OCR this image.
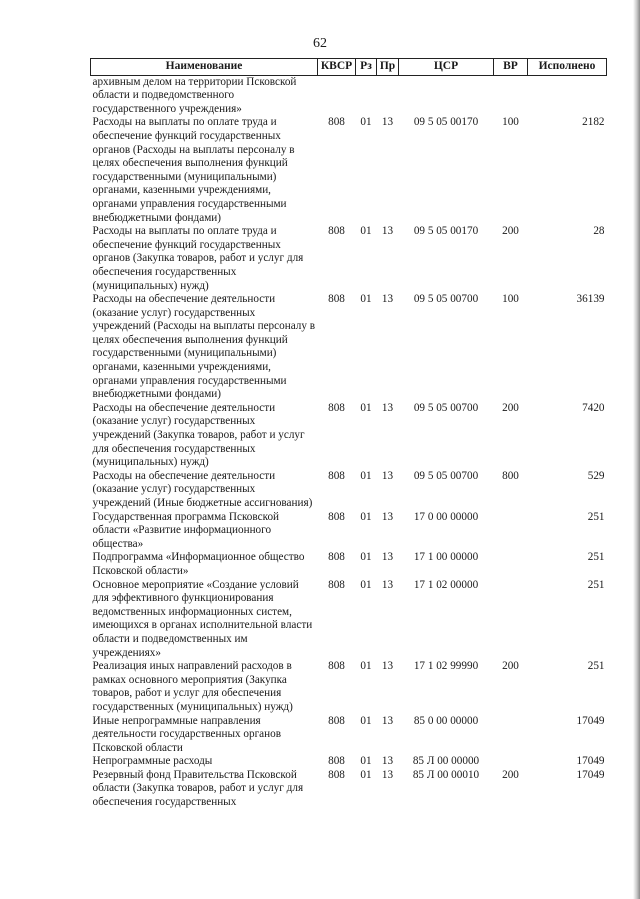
62
Наименование	КВСР	Рз	Пр	ЦСР	ВР	Исполнено
архивным делом на территории Псковской области и подведомственного государственного учреждения»						
Расходы на выплаты по оплате труда и обеспечение функций государственных органов (Расходы на выплаты персоналу в целях обеспечения выполнения функций государственными (муниципальными) органами, казенными учреждениями, органами управления государственными внебюджетными фондами)	808	01	13	09 5 05 00170	100	2182
Расходы на выплаты по оплате труда и обеспечение функций государственных органов (Закупка товаров, работ и услуг для обеспечения государственных (муниципальных) нужд)	808	01	13	09 5 05 00170	200	28
Расходы на обеспечение деятельности (оказание услуг) государственных учреждений (Расходы на выплаты персоналу в целях обеспечения выполнения функций государственными (муниципальными) органами, казенными учреждениями, органами управления государственными внебюджетными фондами)	808	01	13	09 5 05 00700	100	36139
Расходы на обеспечение деятельности (оказание услуг) государственных учреждений (Закупка товаров, работ и услуг для обеспечения государственных (муниципальных) нужд)	808	01	13	09 5 05 00700	200	7420
Расходы на обеспечение деятельности (оказание услуг) государственных учреждений (Иные бюджетные ассигнования)	808	01	13	09 5 05 00700	800	529
Государственная программа Псковской области «Развитие информационного общества»	808	01	13	17 0 00 00000		251
Подпрограмма «Информационное общество Псковской области»	808	01	13	17 1 00 00000		251
Основное мероприятие «Создание условий для эффективного функционирования ведомственных информационных систем, имеющихся в органах исполнительной власти области и подведомственных им учреждениях»	808	01	13	17 1 02 00000		251
Реализация иных направлений расходов в рамках основного мероприятия (Закупка товаров, работ и услуг для обеспечения государственных (муниципальных) нужд)	808	01	13	17 1 02 99990	200	251
Иные непрограммные направления деятельности государственных органов Псковской области	808	01	13	85 0 00 00000		17049
Непрограммные расходы	808	01	13	85 Л 00 00000		17049
Резервный фонд Правительства Псковской области (Закупка товаров, работ и услуг для обеспечения государственных	808	01	13	85 Л 00 00010	200	17049
